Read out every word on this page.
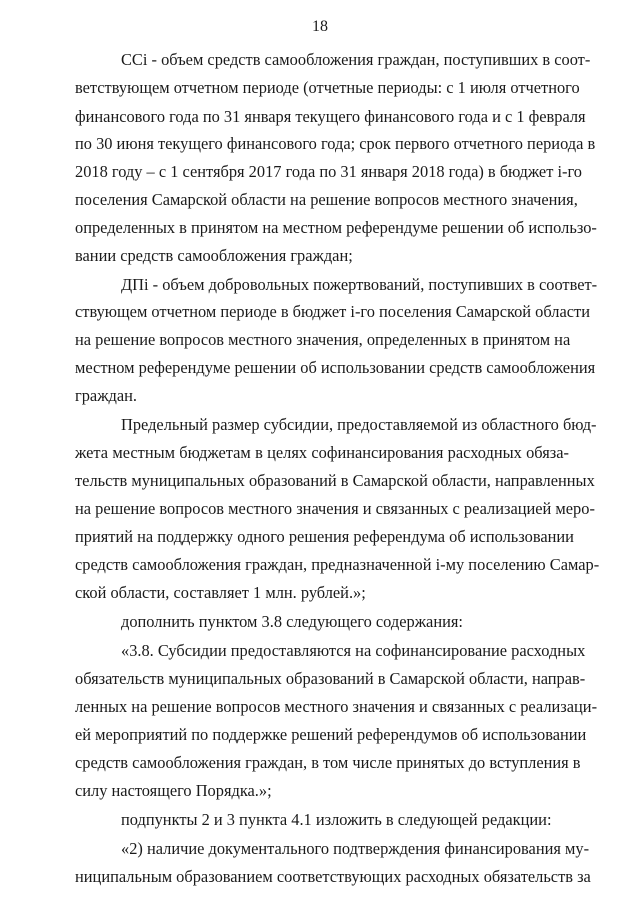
18
ССі - объем средств самообложения граждан, поступивших в соот-
ветствующем отчетном периоде (отчетные периоды: с 1 июля отчетного
финансового года по 31 января текущего финансового года и с 1 февраля
по 30 июня текущего финансового года; срок первого отчетного периода в
2018 году – с 1 сентября 2017 года по 31 января 2018 года) в бюджет і-го
поселения Самарской области на решение вопросов местного значения,
определенных в принятом на местном референдуме решении об использо-
вании средств самообложения граждан;
ДПі - объем добровольных пожертвований, поступивших в соответ-
ствующем отчетном периоде в бюджет і-го поселения Самарской области
на решение вопросов местного значения, определенных в принятом на
местном референдуме решении об использовании средств самообложения
граждан.
Предельный размер субсидии, предоставляемой из областного бюд-
жета местным бюджетам в целях софинансирования расходных обяза-
тельств муниципальных образований в Самарской области, направленных
на решение вопросов местного значения и связанных с реализацией меро-
приятий на поддержку одного решения референдума об использовании
средств самообложения граждан, предназначенной і-му поселению Самар-
ской области, составляет 1 млн. рублей.»;
дополнить пунктом 3.8 следующего содержания:
«3.8. Субсидии предоставляются на софинансирование расходных
обязательств муниципальных образований в Самарской области, направ-
ленных на решение вопросов местного значения и связанных с реализаци-
ей мероприятий по поддержке решений референдумов об использовании
средств самообложения граждан, в том числе принятых до вступления в
силу настоящего Порядка.»;
подпункты 2 и 3 пункта 4.1 изложить в следующей редакции:
«2) наличие документального подтверждения финансирования му-
ниципальным образованием соответствующих расходных обязательств за
